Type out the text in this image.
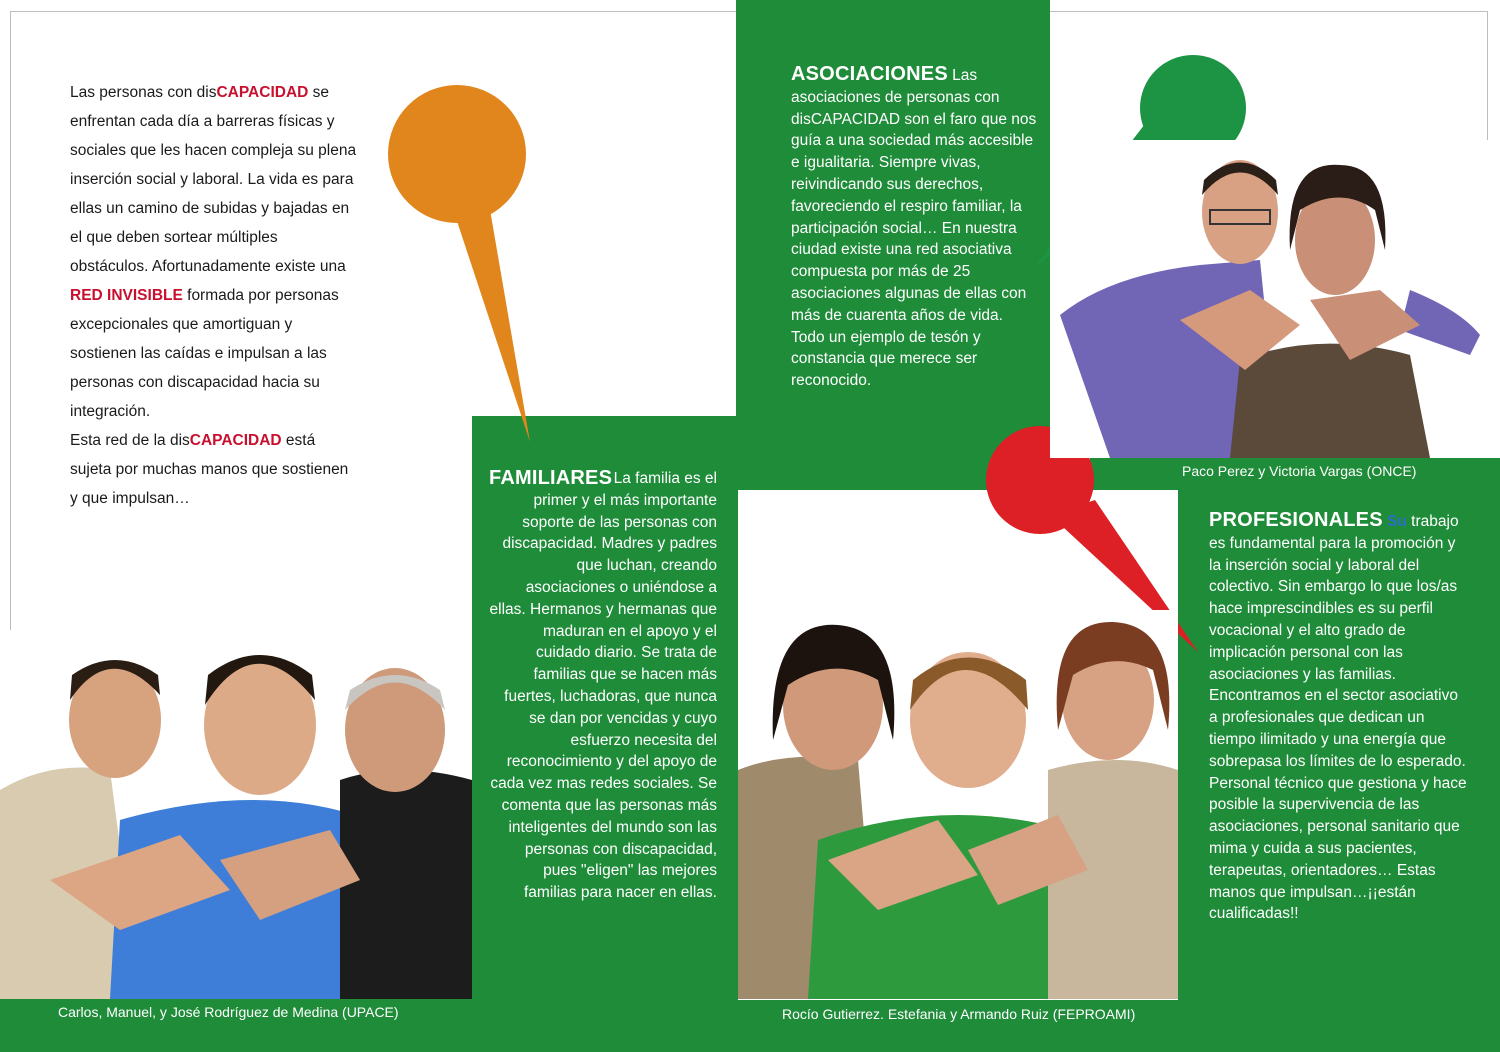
Las personas con disCAPACIDAD se enfrentan cada día a barreras físicas y sociales que les hacen compleja su plena inserción social y laboral. La vida es para ellas un camino de subidas y bajadas en el que deben sortear múltiples obstáculos. Afortunadamente existe una RED INVISIBLE formada por personas excepcionales que amortiguan y sostienen las caídas e impulsan a las personas con discapacidad hacia su integración.
Esta red de la disCAPACIDAD está sujeta por muchas manos que sostienen y que impulsan…
ASOCIACIONES Las asociaciones de personas con disCAPACIDAD son el faro que nos guía a una sociedad más accesible e igualitaria. Siempre vivas, reivindicando sus derechos, favoreciendo el respiro familiar, la participación social… En nuestra ciudad existe una red asociativa compuesta por más de 25 asociaciones algunas de ellas con más de cuarenta años de vida. Todo un ejemplo de tesón y constancia que merece ser reconocido.
FAMILIARES La familia es el primer y el más importante soporte de las personas con discapacidad. Madres y padres que luchan, creando asociaciones o uniéndose a ellas. Hermanos y hermanas que maduran en el apoyo y el cuidado diario. Se trata de familias que se hacen más fuertes, luchadoras, que nunca se dan por vencidas y cuyo esfuerzo necesita del reconocimiento y del apoyo de cada vez mas redes sociales. Se comenta que las personas más inteligentes del mundo son las personas con discapacidad, pues "eligen" las mejores familias para nacer en ellas.
PROFESIONALES Su trabajo es fundamental para la promoción y la inserción social y laboral del colectivo. Sin embargo lo que los/as hace imprescindibles es su perfil vocacional y el alto grado de implicación personal con las asociaciones y las familias. Encontramos en el sector asociativo a profesionales que dedican un tiempo ilimitado y una energía que sobrepasa los límites de lo esperado. Personal técnico que gestiona y hace posible la supervivencia de las asociaciones, personal sanitario que mima y cuida a sus pacientes, terapeutas, orientadores… Estas manos que impulsan…¡¡están cualificadas!!
Paco Perez y Victoria Vargas (ONCE)
Carlos, Manuel, y José Rodríguez de Medina (UPACE)	Rocío Gutierrez. Estefania y Armando Ruiz (FEPROAMI)
